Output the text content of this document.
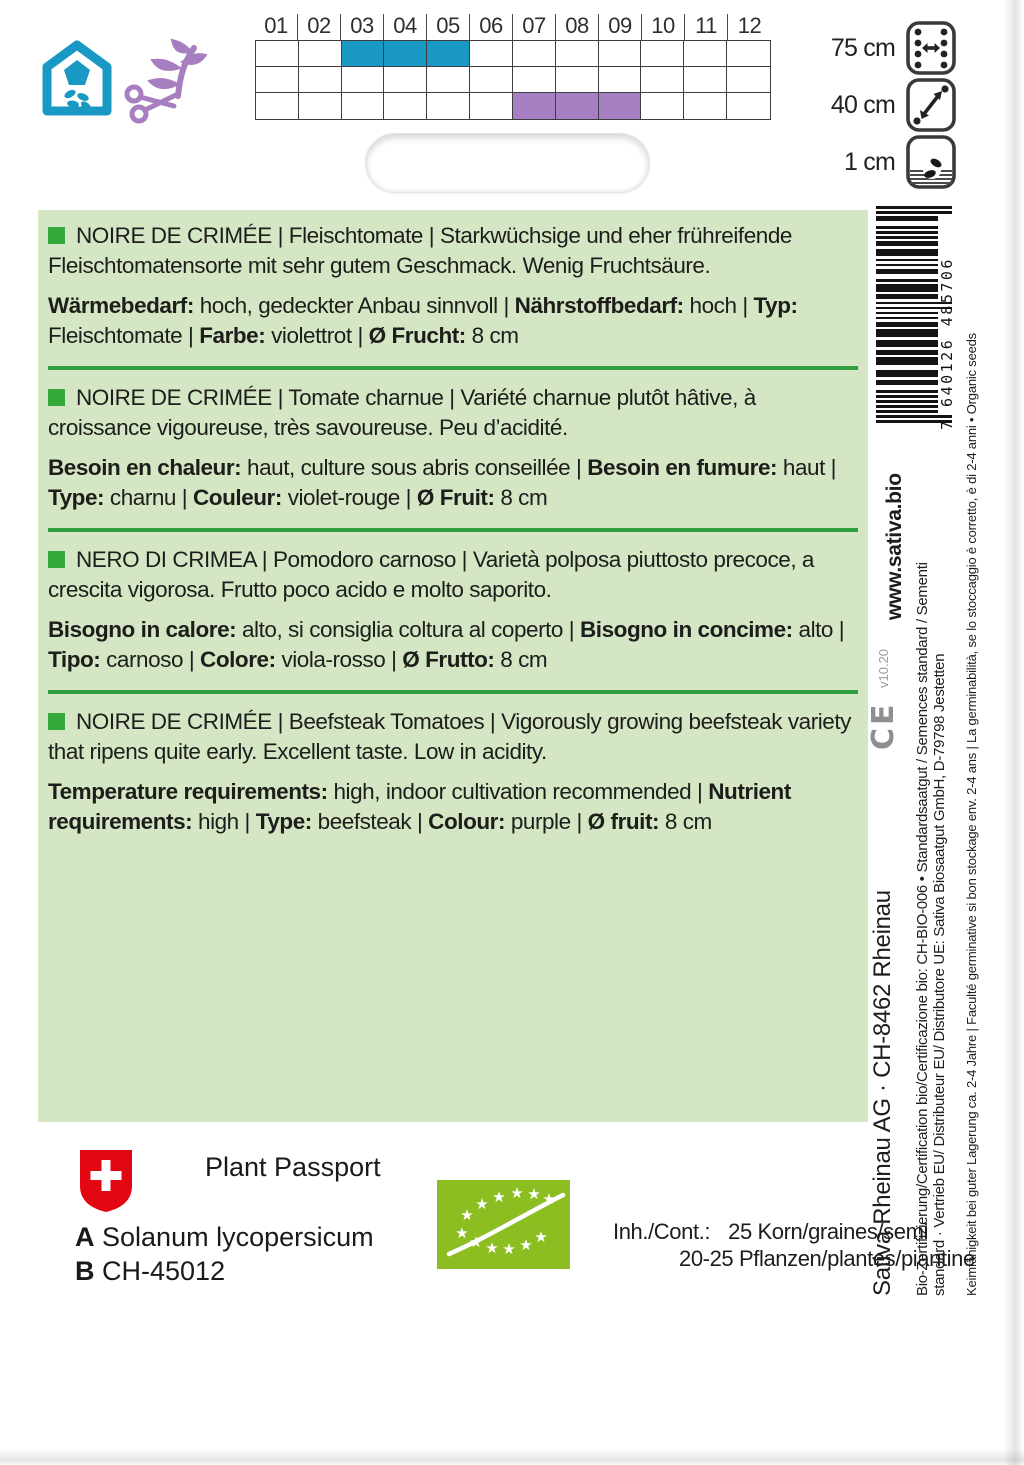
01 02 03 04 05 06 07 08 09 10 11 12
75 cm
40 cm
1 cm

NOIRE DE CRIMÉE | Fleischtomate | Starkwüchsige und eher frühreifende Fleischtomatensorte mit sehr gutem Geschmack. Wenig Fruchtsäure.

Wärmebedarf: hoch, gedeckter Anbau sinnvoll | Nährstoffbedarf: hoch | Typ: Fleischtomate | Farbe: violettrot | Ø Frucht: 8 cm

NOIRE DE CRIMÉE | Tomate charnue | Variété charnue plutôt hâtive, à croissance vigoureuse, très savoureuse. Peu d’acidité.

Besoin en chaleur: haut, culture sous abris conseillée | Besoin en fumure: haut | Type: charnu | Couleur: violet-rouge | Ø Fruit: 8 cm

NERO DI CRIMEA | Pomodoro carnoso | Varietà polposa piuttosto precoce, a crescita vigorosa. Frutto poco acido e molto saporito.

Bisogno in calore: alto, si consiglia coltura al coperto | Bisogno in concime: alto | Tipo: carnoso | Colore: viola-rosso | Ø Frutto: 8 cm

NOIRE DE CRIMÉE | Beefsteak Tomatoes | Vigorously growing beefsteak variety that ripens quite early. Excellent taste. Low in acidity.

Temperature requirements: high, indoor cultivation recommended | Nutrient requirements: high | Type: beefsteak | Colour: purple | Ø fruit: 8 cm

7 640126 485706 Keimfähigkeit bei guter Lagerung ca. 2-4 Jahre | Faculté germinative si bon stockage env. 2-4 ans | La germinabilità, se lo stoccaggio è corretto, è di 2-4 anni • Organic seeds
Bio-Zertifizierung/Certification bio/Certificazione bio: CH-BIO-006 • Standardsaatgut / Semences standard / Sementi standard · Vertrieb EU/ Distributeur EU/ Distributore UE: Sativa Biosaatgut GmbH, D-79798 Jestetten
www.sativa.bio
Sativa Rheinau AG · CH-8462 Rheinau
v10.20
CE
Plant Passport
A Solanum lycopersicum
B CH-45012
★
★ ★ ★ ★ ★
★ ★ ★ ★ ★ ★	Inh./Cont.: 25 Korn/graines/semi
20-25 Pflanzen/plantes/piantine
